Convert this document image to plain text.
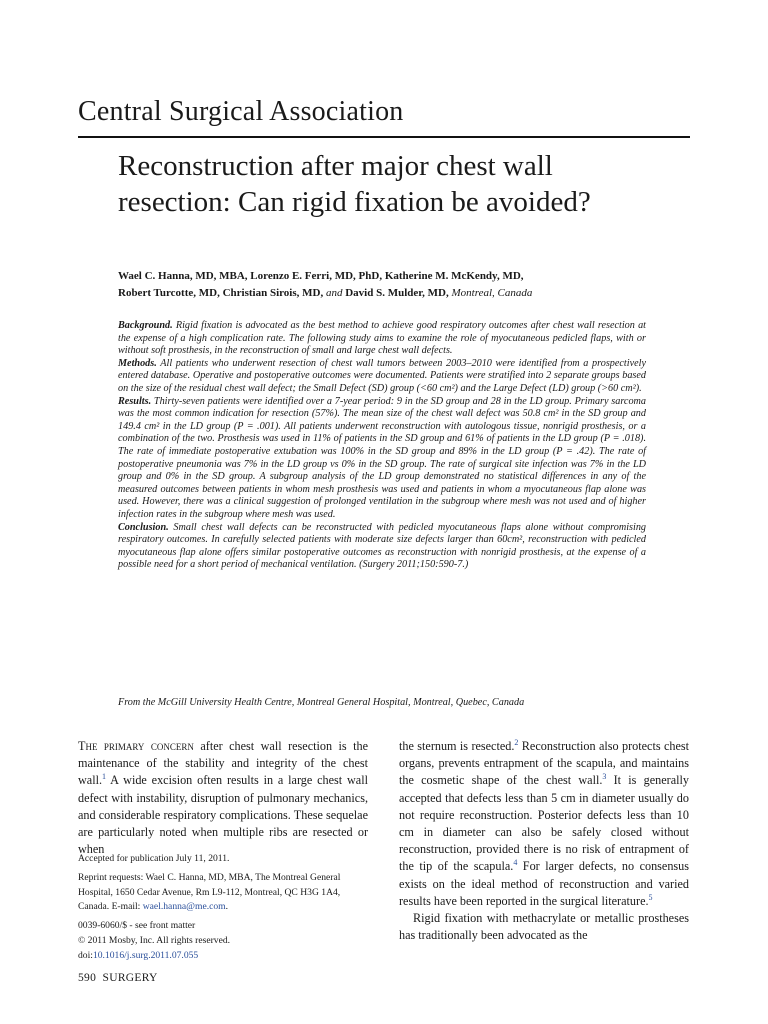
Central Surgical Association
Reconstruction after major chest wall resection: Can rigid fixation be avoided?
Wael C. Hanna, MD, MBA, Lorenzo E. Ferri, MD, PhD, Katherine M. McKendy, MD,
Robert Turcotte, MD, Christian Sirois, MD, and David S. Mulder, MD, Montreal, Canada

Background. Rigid fixation is advocated as the best method to achieve good respiratory outcomes after chest wall resection at the expense of a high complication rate. The following study aims to examine the role of myocutaneous pedicled flaps, with or without soft prosthesis, in the reconstruction of small and large chest wall defects.

Methods. All patients who underwent resection of chest wall tumors between 2003–2010 were identified from a prospectively entered database. Operative and postoperative outcomes were documented. Patients were stratified into 2 separate groups based on the size of the residual chest wall defect; the Small Defect (SD) group (<60 cm²) and the Large Defect (LD) group (>60 cm²).

Results. Thirty-seven patients were identified over a 7-year period: 9 in the SD group and 28 in the LD group. Primary sarcoma was the most common indication for resection (57%). The mean size of the chest wall defect was 50.8 cm² in the SD group and 149.4 cm² in the LD group (P = .001). All patients underwent reconstruction with autologous tissue, nonrigid prosthesis, or a combination of the two. Prosthesis was used in 11% of patients in the SD group and 61% of patients in the LD group (P = .018). The rate of immediate postoperative extubation was 100% in the SD group and 89% in the LD group (P = .42). The rate of postoperative pneumonia was 7% in the LD group vs 0% in the SD group. The rate of surgical site infection was 7% in the LD group and 0% in the SD group. A subgroup analysis of the LD group demonstrated no statistical differences in any of the measured outcomes between patients in whom mesh prosthesis was used and patients in whom a myocutaneous flap alone was used. However, there was a clinical suggestion of prolonged ventilation in the subgroup where mesh was not used and of higher infection rates in the subgroup where mesh was used.

Conclusion. Small chest wall defects can be reconstructed with pedicled myocutaneous flaps alone without compromising respiratory outcomes. In carefully selected patients with moderate size defects larger than 60cm², reconstruction with pedicled myocutaneous flap alone offers similar postoperative outcomes as reconstruction with nonrigid prosthesis, at the expense of a possible need for a short period of mechanical ventilation. (Surgery 2011;150:590-7.)

From the McGill University Health Centre, Montreal General Hospital, Montreal, Quebec, Canada

The primary concern after chest wall resection is the maintenance of the stability and integrity of the chest wall.$^1$ A wide excision often results in a large chest wall defect with instability, disruption of pulmonary mechanics, and considerable respiratory complications. These sequelae are particularly noted when multiple ribs are resected or when

Accepted for publication July 11, 2011.
Reprint requests: Wael C. Hanna, MD, MBA, The Montreal General Hospital, 1650 Cedar Avenue, Rm L9-112, Montreal, QC H3G 1A4, Canada. E-mail: wael.hanna@me.com.
0039-6060/$ - see front matter
© 2011 Mosby, Inc. All rights reserved.
doi:10.1016/j.surg.2011.07.055

the sternum is resected.$^2$ Reconstruction also protects chest organs, prevents entrapment of the scapula, and maintains the cosmetic shape of the chest wall.$^3$ It is generally accepted that defects less than 5 cm in diameter usually do not require reconstruction. Posterior defects less than 10 cm in diameter can also be safely closed without reconstruction, provided there is no risk of entrapment of the tip of the scapula.$^4$ For larger defects, no consensus exists on the ideal method of reconstruction and varied results have been reported in the surgical literature.$^5$

Rigid fixation with methacrylate or metallic prostheses has traditionally been advocated as the

590 SURGERY
